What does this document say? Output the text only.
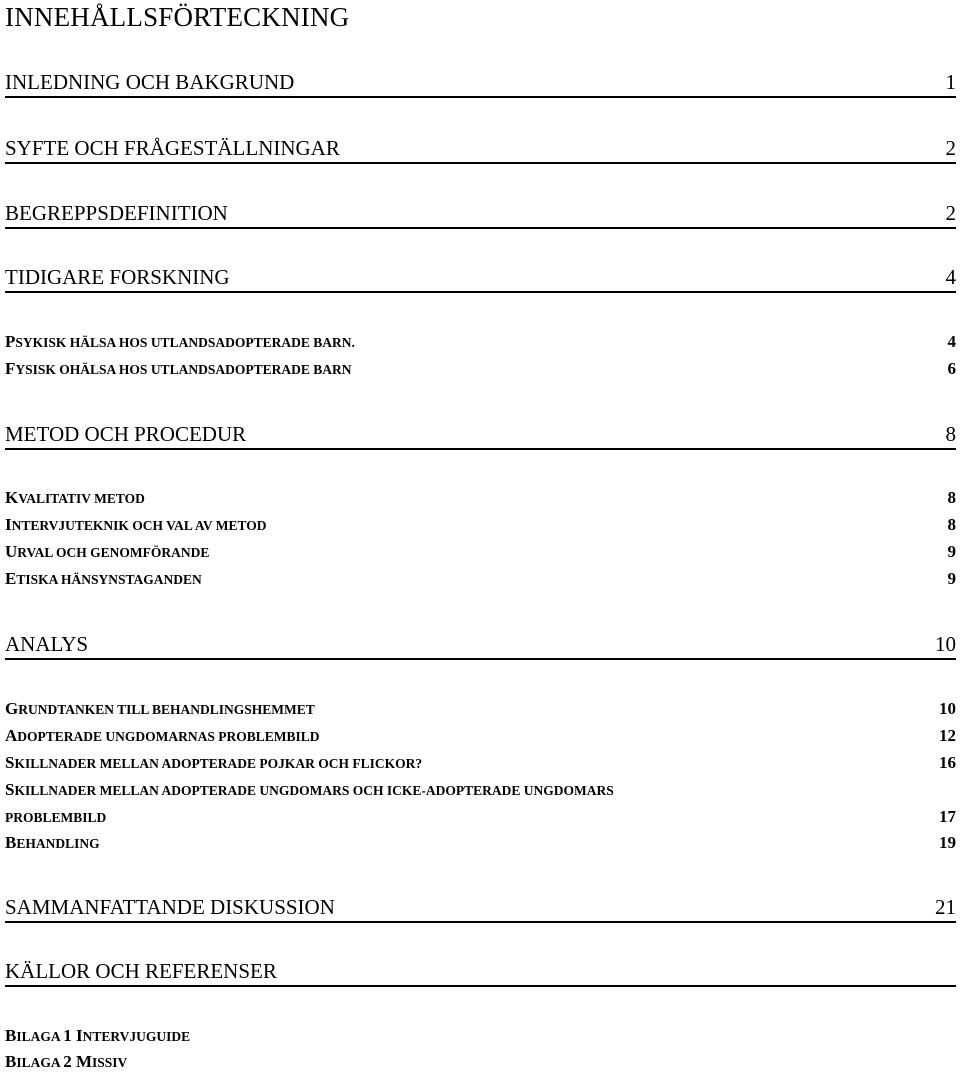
INNEHÅLLSFÖRTECKNING
INLEDNING OCH BAKGRUND	1
SYFTE OCH FRÅGESTÄLLNINGAR	2
BEGREPPSDEFINITION	2
TIDIGARE FORSKNING	4
PSYKISK HÄLSA HOS UTLANDSADOPTERADE BARN.	4
FYSISK OHÄLSA HOS UTLANDSADOPTERADE BARN	6
METOD OCH PROCEDUR	8
KVALITATIV METOD	8
INTERVJUTEKNIK OCH VAL AV METOD	8
URVAL OCH GENOMFÖRANDE	9
ETISKA HÄNSYNSTAGANDEN	9
ANALYS	10
GRUNDTANKEN TILL BEHANDLINGSHEMMET	10
ADOPTERADE UNGDOMARNAS PROBLEMBILD	12
SKILLNADER MELLAN ADOPTERADE POJKAR OCH FLICKOR?	16
SKILLNADER MELLAN ADOPTERADE UNGDOMARS OCH ICKE-ADOPTERADE UNGDOMARS
PROBLEMBILD	17
BEHANDLING	19
SAMMANFATTANDE DISKUSSION	21
KÄLLOR OCH REFERENSER
BILAGA 1 INTERVJUGUIDE
BILAGA 2 MISSIV
